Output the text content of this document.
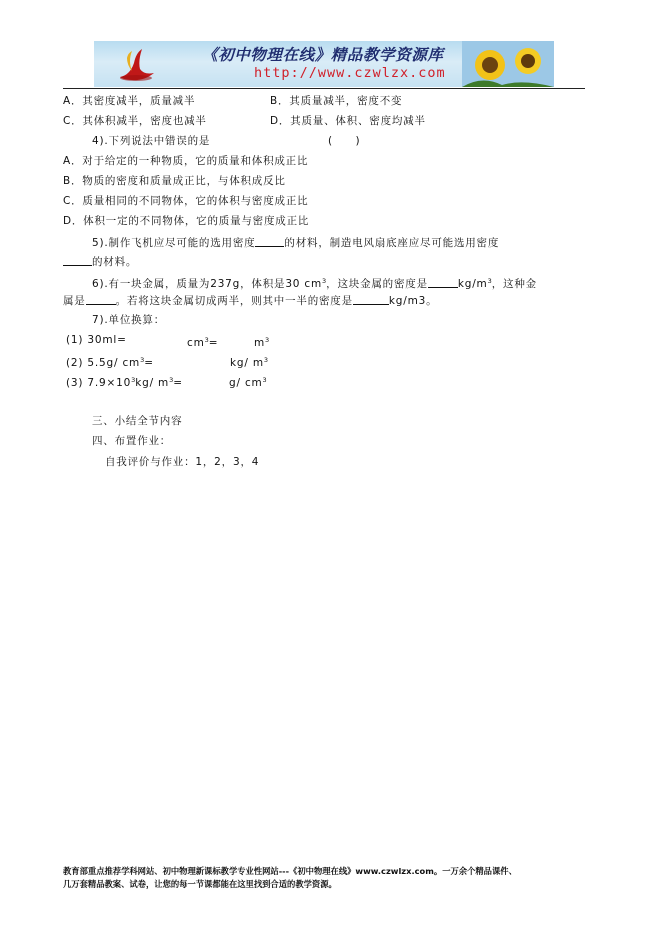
《初中物理在线》精品教学资源库
http://www.czwlzx.com
A．其密度减半，质量减半	B．其质量减半，密度不变
C．其体积减半，密度也减半	D．其质量、体积、密度均减半
4).下列说法中错误的是	(　　)
A．对于给定的一种物质，它的质量和体积成正比
B．物质的密度和质量成正比，与体积成反比
C．质量相同的不同物体，它的体积与密度成正比
D．体积一定的不同物体，它的质量与密度成正比
5).制作飞机应尽可能的选用密度	的材料，制造电风扇底座应尽可能选用密度
的材料。
6).有一块金属，质量为237g，体积是30 $cm^3$，这块金属的密度是	$kg/m^3$，这种金
属是	。若将这块金属切成两半，则其中一半的密度是	kg/m3。
7).单位换算：
(1) 30ml=	$cm^3=$	$m^3$
(2) 5.5g/ $cm^3=$	kg/ $m^3$
(3) $7.9\times 10^3kg/$ $m^3=$	g/ $cm^3$
三、小结全节内容
四、布置作业：
自我评价与作业：1，2，3，4
教育部重点推荐学科网站、初中物理新课标教学专业性网站---《初中物理在线》www.czwlzx.com。一万余个精品课件、
几万套精品教案、试卷，让您的每一节课都能在这里找到合适的教学资源。
